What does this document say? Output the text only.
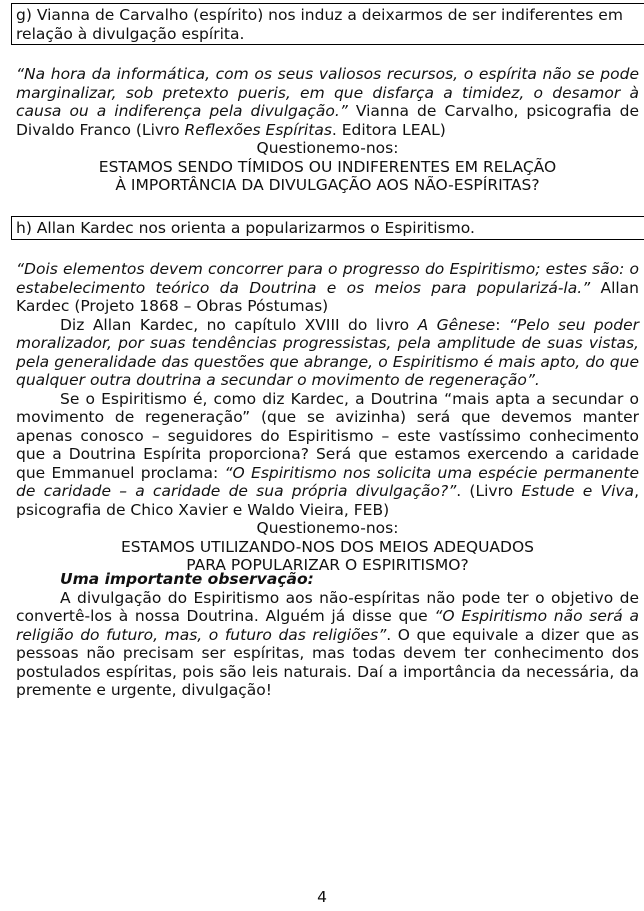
g) Vianna de Carvalho (espírito) nos induz a deixarmos de ser indiferentes em relação à divulgação espírita.

“Na hora da informática, com os seus valiosos recursos, o espírita não se pode marginalizar, sob pretexto pueris, em que disfarça a timidez, o desamor à causa ou a indiferença pela divulgação.” Vianna de Carvalho, psicografia de Divaldo Franco (Livro Reflexões Espíritas. Editora LEAL)

Questionemo-nos:

ESTAMOS SENDO TÍMIDOS OU INDIFERENTES EM RELAÇÃO

À IMPORTÂNCIA DA DIVULGAÇÃO AOS NÃO-ESPÍRITAS?

h) Allan Kardec nos orienta a popularizarmos o Espiritismo.

“Dois elementos devem concorrer para o progresso do Espiritismo; estes são: o estabelecimento teórico da Doutrina e os meios para popularizá-la.” Allan Kardec (Projeto 1868 – Obras Póstumas)

Diz Allan Kardec, no capítulo XVIII do livro A Gênese: “Pelo seu poder moralizador, por suas tendências progressistas, pela amplitude de suas vistas, pela generalidade das questões que abrange, o Espiritismo é mais apto, do que qualquer outra doutrina a secundar o movimento de regeneração”.

Se o Espiritismo é, como diz Kardec, a Doutrina “mais apta a secundar o movimento de regeneração” (que se avizinha) será que devemos manter apenas conosco – seguidores do Espiritismo – este vastíssimo conhecimento que a Doutrina Espírita proporciona? Será que estamos exercendo a caridade que Emmanuel proclama: “O Espiritismo nos solicita uma espécie permanente de caridade – a caridade de sua própria divulgação?”. (Livro Estude e Viva, psicografia de Chico Xavier e Waldo Vieira, FEB)

Questionemo-nos:

ESTAMOS UTILIZANDO-NOS DOS MEIOS ADEQUADOS

PARA POPULARIZAR O ESPIRITISMO?

Uma importante observação:

A divulgação do Espiritismo aos não-espíritas não pode ter o objetivo de convertê-los à nossa Doutrina. Alguém já disse que “O Espiritismo não será a religião do futuro, mas, o futuro das religiões”. O que equivale a dizer que as pessoas não precisam ser espíritas, mas todas devem ter conhecimento dos postulados espíritas, pois são leis naturais. Daí a importância da necessária, da premente e urgente, divulgação!

4
